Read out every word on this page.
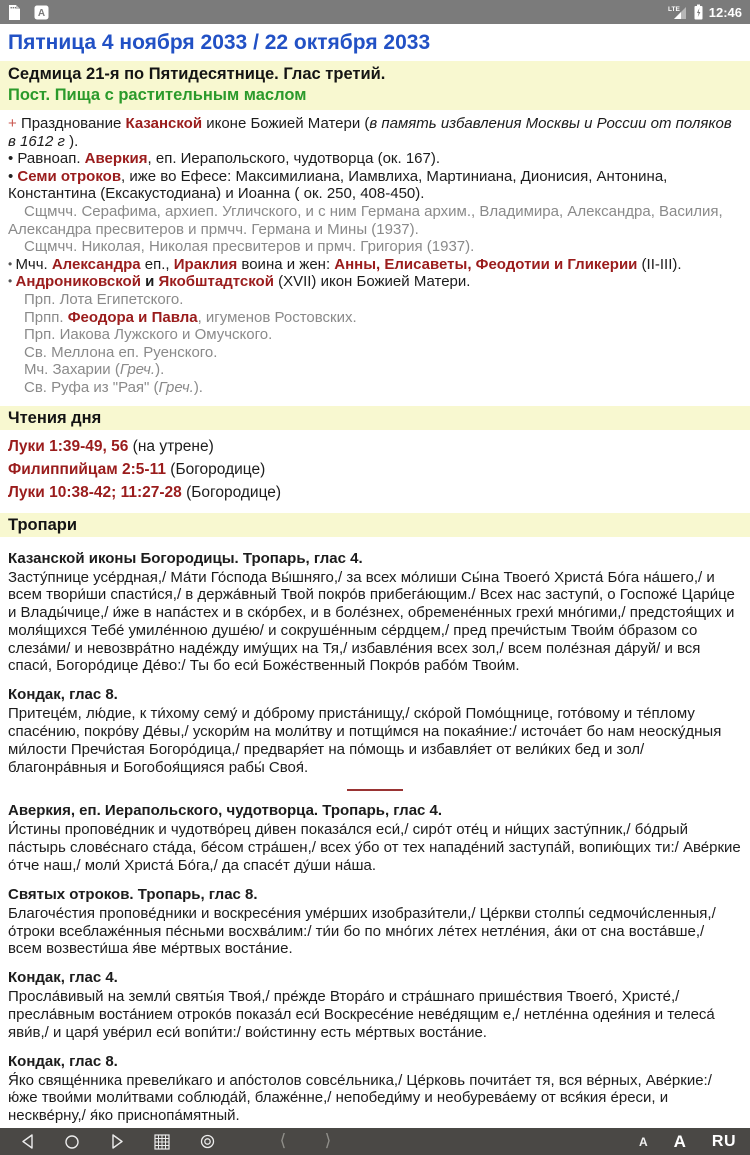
A	LTE 12:46
Пятница 4 ноября 2033 / 22 октября 2033
Седмица 21-я по Пятидесятнице. Глас третий.
Пост. Пища с растительным маслом
+ Празднование Казанской иконе Божией Матери (в память избавления Москвы и России от поляков в 1612 г ).
• Равноап. Аверкия, еп. Иерапольского, чудотворца (ок. 167).
• Семи отроков, иже во Ефесе: Максимилиана, Иамвлиха, Мартиниана, Дионисия, Антонина, Константина (Ексакустодиана) и Иоанна ( ок. 250, 408-450).
Сщмчч. Серафима, архиеп. Угличского, и с ним Германа архим., Владимира, Александра, Василия, Александра пресвитеров и прмчч. Германа и Мины (1937).
Сщмчч. Николая, Николая пресвитеров и прмч. Григория (1937).
• Мчч. Александра еп., Ираклия воина и жен: Анны, Елисаветы, Феодотии и Гликерии (II-III).
• Андрониковской и Якобштадтской (XVII) икон Божией Матери.
Прп. Лота Египетского.
Прпп. Феодора и Павла, игуменов Ростовских.
Прп. Иакова Лужского и Омучского.
Св. Меллона еп. Руенского.
Мч. Захарии (Греч.).
Св. Руфа из "Рая" (Греч.).
Чтения дня
Луки 1:39-49, 56 (на утрене)
Филиппийцам 2:5-11 (Богородице)
Луки 10:38-42; 11:27-28 (Богородице)
Тропари
Казанской иконы Богородицы. Тропарь, глас 4.
Засту́пнице усе́рдная,/ Ма́ти Го́спода Вы́шняго,/ за всех мо́лиши Сы́на Твоего́ Христа́ Бо́га на́шего,/ и всем твори́ши спасти́ся,/ в держа́вный Твой покро́в прибега́ющим./ Всех нас заступи́, о Госпоже́ Цари́це и Влады́чице,/ и́же в напа́стех и в ско́рбех, и в боле́знех, обремене́нных грехи́ мно́гими,/ предстоя́щих и моля́щихся Тебе́ умиле́нною душе́ю/ и сокруше́нным се́рдцем,/ пред пречи́стым Твои́м о́бразом со слеза́ми/ и невозвра́тно наде́жду иму́щих на Тя,/ избавле́ния всех зол,/ всем поле́зная да́руй/ и вся спаси́, Богоро́дице Де́во:/ Ты бо еси́ Боже́ственный Покро́в рабо́м Твои́м.
Кондак, глас 8.
Притеце́м, лю́дие, к ти́хому сему́ и до́брому приста́нищу,/ ско́рой Помо́щнице, гото́вому и те́плому спасе́нию, покро́ву Де́вы,/ ускори́м на моли́тву и потщи́мся на покая́ние:/ источа́ет бо нам неоску́дныя ми́лости Пречи́стая Богоро́дица,/ предваря́ет на по́мощь и избавля́ет от вели́ких бед и зол/ благонра́вныя и Богобоя́щияся рабы́ Своя́.
Аверкия, еп. Иерапольского, чудотворца. Тропарь, глас 4.
И́стины пропове́дник и чудотво́рец ди́вен показа́лся еси́,/ сиро́т оте́ц и ни́щих засту́пник,/ бо́дрый па́стырь слове́снаго ста́да, бе́сом стра́шен,/ всех у́бо от тех нападе́ний заступа́й, вопию́щих ти:/ Аве́ркие о́тче наш,/ моли́ Христа́ Бо́га,/ да спасе́т ду́ши на́ша.
Святых отроков. Тропарь, глас 8.
Благоче́стия пропове́дники и воскресе́ния уме́рших изобрази́тели,/ Це́ркви столпы́ седмочи́сленныя,/ о́троки всеблаже́нныя пе́сньми восхва́лим:/ ти́и бо по мно́гих ле́тех нетле́ния, а́ки от сна воста́вше,/ всем возвести́ша я́ве ме́ртвых воста́ние.
Кондак, глас 4.
Просла́вивый на земли́ святы́я Твоя́,/ пре́жде Втора́го и стра́шнаго прише́ствия Твоего́, Христе́,/ пресла́вным воста́нием отроко́в показа́л еси́ Воскресе́ние неве́дящим е,/ нетле́нна одея́ния и телеса́ яви́в,/ и царя́ уве́рил еси́ вопи́ти:/ вои́стинну есть ме́ртвых воста́ние.
Кондак, глас 8.
Я́ко свяще́нника превели́каго и апо́столов совсе́льника,/ Це́рковь почита́ет тя, вся ве́рных, Аве́ркие:/ ю́же твои́ми моли́твами соблюда́й, блаже́нне,/ непобеди́му и необурева́ему от вся́кия е́реси, и нескве́рну,/ я́ко приснопа́мятный.
⟨	⟩	A A RU
